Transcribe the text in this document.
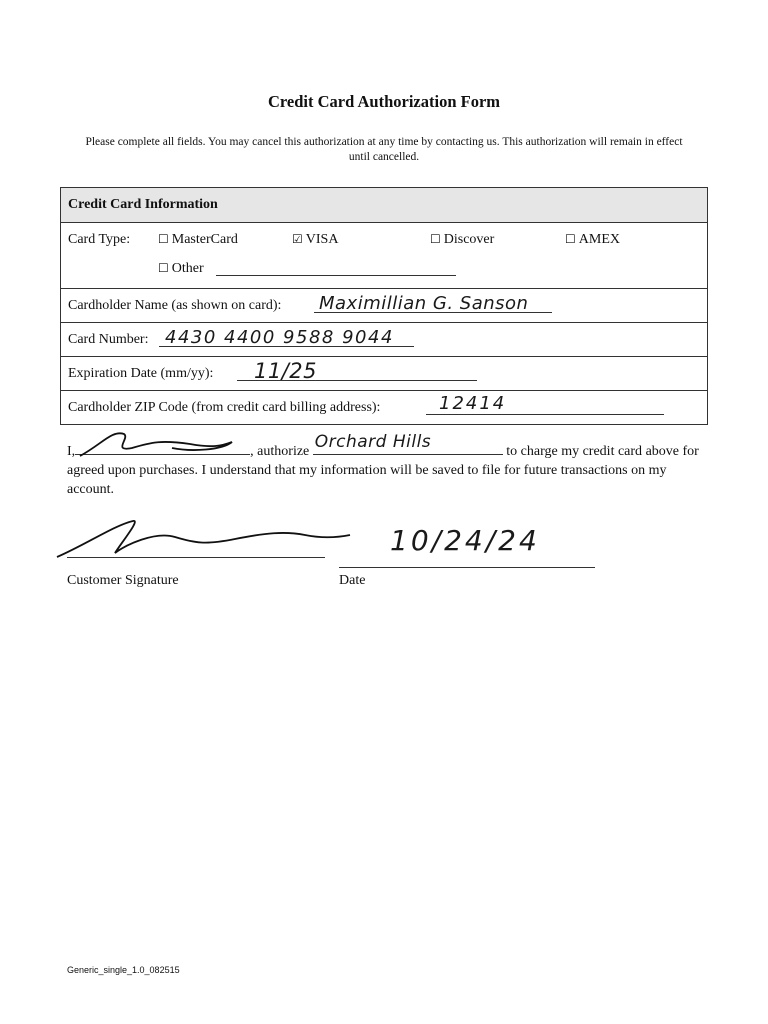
Credit Card Authorization Form
Please complete all fields. You may cancel this authorization at any time by contacting us. This authorization will remain in effect until cancelled.
Credit Card Information
Card Type: ☐ MasterCard	☑ VISA	☐ Discover	☐ AMEX
☐ Other
Cardholder Name (as shown on card): Maximillian G. Sanson
Card Number: 4430 4400 9588 9044
Expiration Date (mm/yy): 11/25
Cardholder ZIP Code (from credit card billing address):	12414
I,	, authorize Orchard Hills	to charge my credit card above for agreed upon purchases. I understand that my information will be saved to file for future transactions on my account.
Customer Signature
10/24/24
Date
Generic_single_1.0_082515
